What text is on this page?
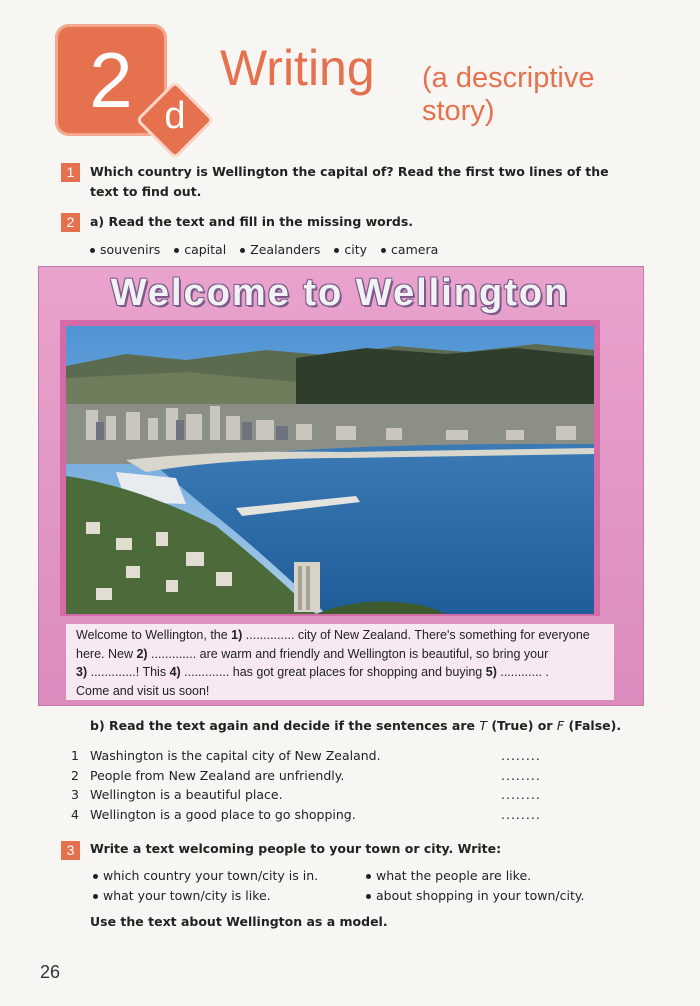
2 d
Writing (a descriptive story)
1	Which country is Wellington the capital of? Read the first two lines of the text to find out.
2	a) Read the text and fill in the missing words.
souvenirs capital Zealanders city camera
Welcome to Wellington
Welcome to Wellington, the 1) .............. city of New Zealand. There's something for everyone
here. New 2) ............. are warm and friendly and Wellington is beautiful, so bring your
3) .............! This 4) ............. has got great places for shopping and buying 5) ............ .
Come and visit us soon!
b) Read the text again and decide if the sentences are T (True) or F (False).
1 Washington is the capital city of New Zealand.	........
2 People from New Zealand are unfriendly.	........
3 Wellington is a beautiful place.	........
4 Wellington is a good place to go shopping.	........
3	Write a text welcoming people to your town or city. Write:
which country your town/city is in.
what your town/city is like.
what the people are like.
about shopping in your town/city.
Use the text about Wellington as a model.
26
